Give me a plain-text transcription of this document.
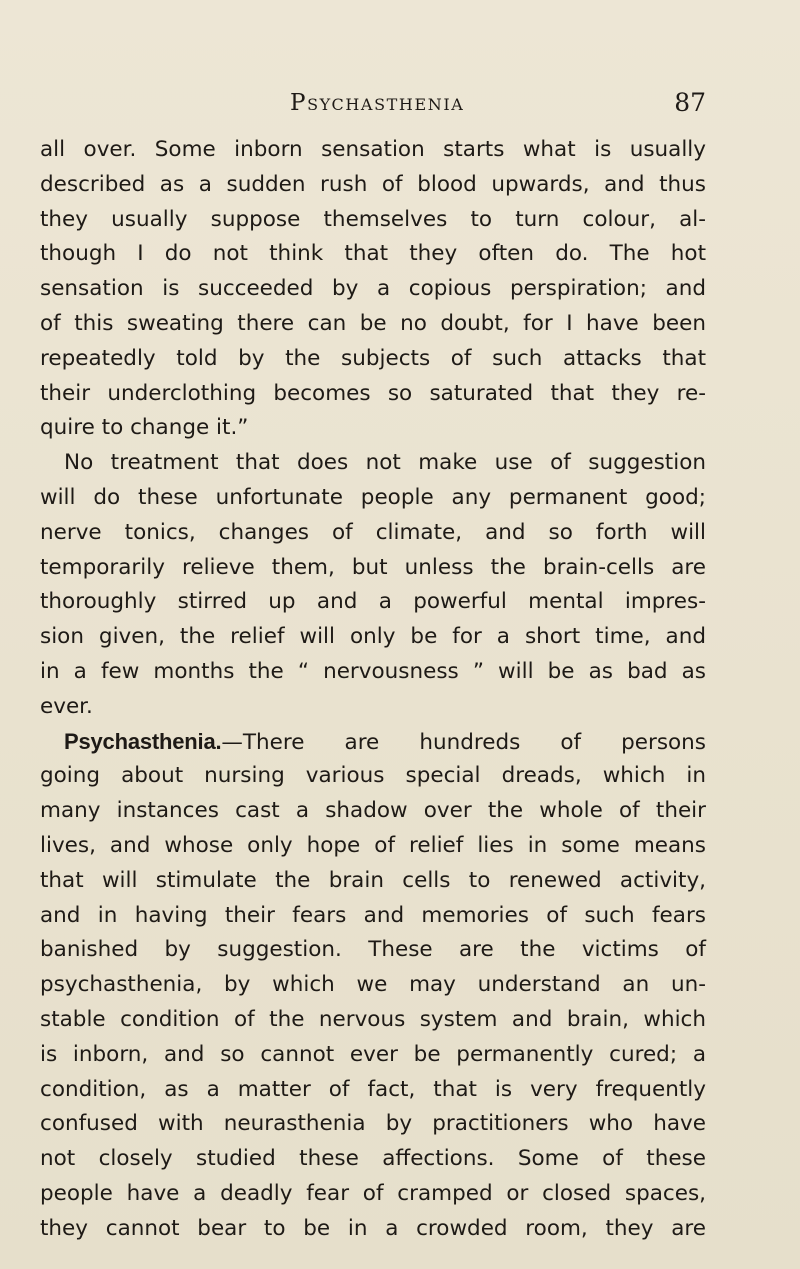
Psychasthenia	87
all over. Some inborn sensation starts what is usually
described as a sudden rush of blood upwards, and thus
they usually suppose themselves to turn colour, al-
though I do not think that they often do. The hot
sensation is succeeded by a copious perspiration; and
of this sweating there can be no doubt, for I have been
repeatedly told by the subjects of such attacks that
their underclothing becomes so saturated that they re-
quire to change it.”
No treatment that does not make use of suggestion
will do these unfortunate people any permanent good;
nerve tonics, changes of climate, and so forth will
temporarily relieve them, but unless the brain-cells are
thoroughly stirred up and a powerful mental impres-
sion given, the relief will only be for a short time, and
in a few months the “ nervousness ” will be as bad as
ever.
Psychasthenia.—There are hundreds of persons
going about nursing various special dreads, which in
many instances cast a shadow over the whole of their
lives, and whose only hope of relief lies in some means
that will stimulate the brain cells to renewed activity,
and in having their fears and memories of such fears
banished by suggestion. These are the victims of
psychasthenia, by which we may understand an un-
stable condition of the nervous system and brain, which
is inborn, and so cannot ever be permanently cured; a
condition, as a matter of fact, that is very frequently
confused with neurasthenia by practitioners who have
not closely studied these affections. Some of these
people have a deadly fear of cramped or closed spaces,
they cannot bear to be in a crowded room, they are
